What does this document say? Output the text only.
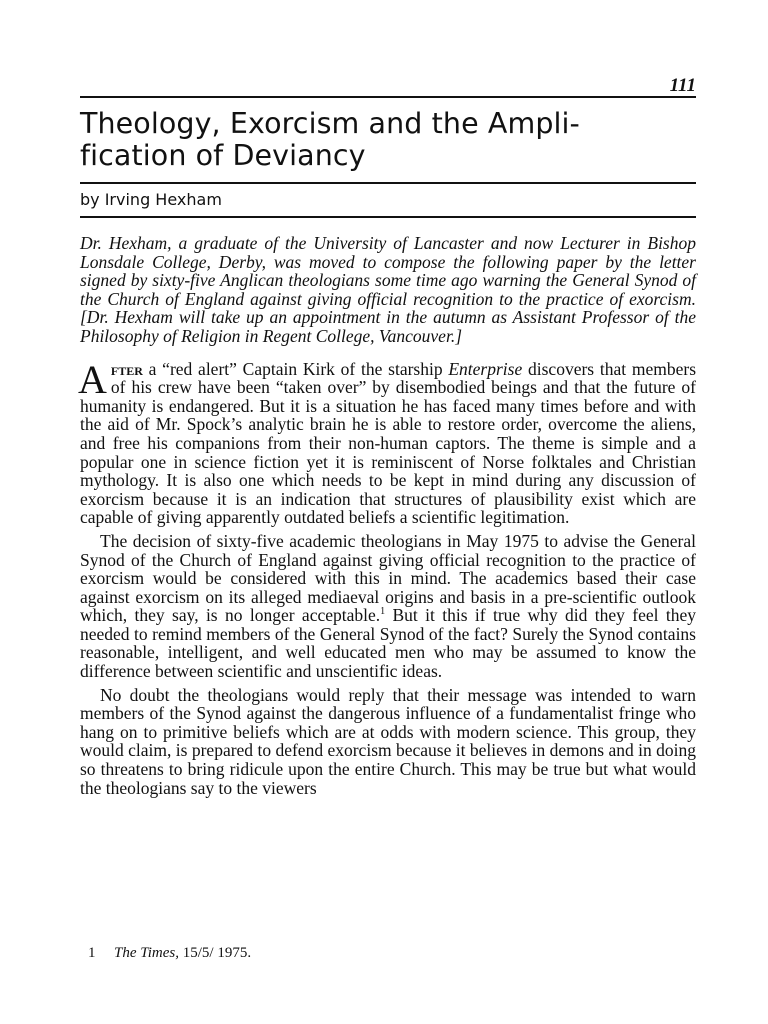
111
Theology, Exorcism and the Ampli-
fication of Deviancy
by Irving Hexham
Dr. Hexham, a graduate of the University of Lancaster and now Lecturer in Bishop Lonsdale College, Derby, was moved to compose the following paper by the letter signed by sixty-five Anglican theologians some time ago warning the General Synod of the Church of England against giving official recognition to the practice of exorcism. [Dr. Hexham will take up an appointment in the autumn as Assistant Professor of the Philosophy of Religion in Regent College, Vancouver.]

After a “red alert” Captain Kirk of the starship Enterprise discovers that members of his crew have been “taken over” by disembodied beings and that the future of humanity is endangered. But it is a situation he has faced many times before and with the aid of Mr. Spock’s analytic brain he is able to restore order, overcome the aliens, and free his companions from their non-human captors. The theme is simple and a popular one in science fiction yet it is reminiscent of Norse folktales and Christian mythology. It is also one which needs to be kept in mind during any discussion of exorcism because it is an indication that structures of plausibility exist which are capable of giving apparently outdated beliefs a scientific legitimation.

The decision of sixty-five academic theologians in May 1975 to advise the General Synod of the Church of England against giving official recognition to the practice of exorcism would be considered with this in mind. The academics based their case against exorcism on its alleged mediaeval origins and basis in a pre-scientific outlook which, they say, is no longer acceptable.$^1$ But it this if true why did they feel they needed to remind members of the General Synod of the fact? Surely the Synod contains reasonable, intelligent, and well educated men who may be assumed to know the difference between scientific and unscientific ideas.

No doubt the theologians would reply that their message was intended to warn members of the Synod against the dangerous influence of a fundamentalist fringe who hang on to primitive beliefs which are at odds with modern science. This group, they would claim, is prepared to defend exorcism because it believes in demons and in doing so threatens to bring ridicule upon the entire Church. This may be true but what would the theologians say to the viewers

1 The Times, 15/5/ 1975.
